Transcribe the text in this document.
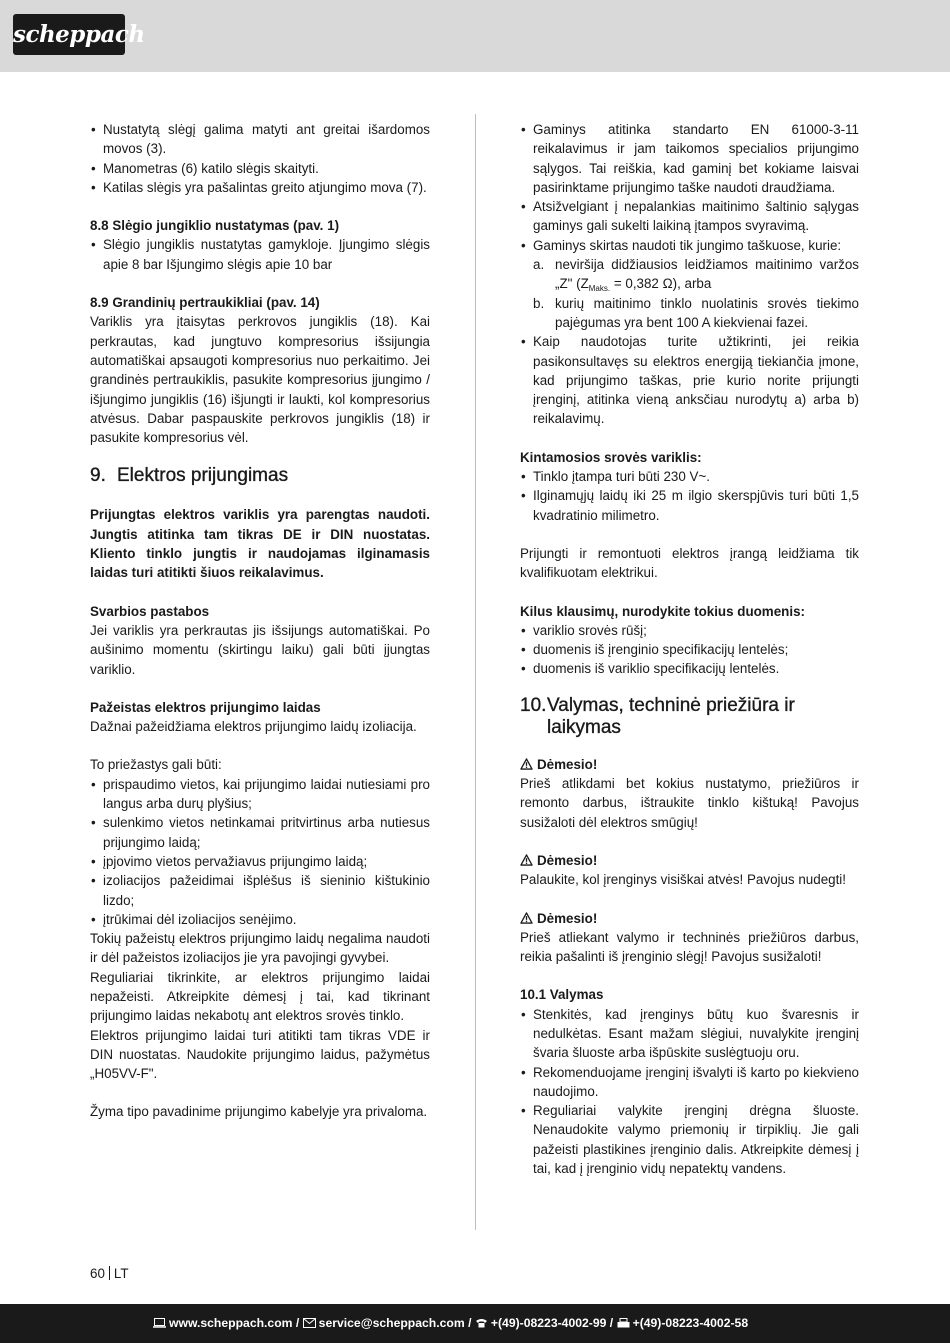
scheppach
• Nustatytą slėgį galima matyti ant greitai išardomos movos (3).
• Manometras (6) katilo slėgis skaityti.
• Katilas slėgis yra pašalintas greito atjungimo mova (7).

8.8 Slėgio jungiklio nustatymas (pav. 1)

• Slėgio jungiklis nustatytas gamykloje. Įjungimo slėgis apie 8 bar Išjungimo slėgis apie 10 bar

8.9 Grandinių pertraukikliai (pav. 14)

Variklis yra įtaisytas perkrovos jungiklis (18). Kai perkrautas, kad jungtuvo kompresorius išsijungia automatiškai apsaugoti kompresorius nuo perkaitimo. Jei grandinės pertraukiklis, pasukite kompresorius įjungimo / išjungimo jungiklis (16) išjungti ir laukti, kol kompresorius atvėsus. Dabar paspauskite perkrovos jungiklis (18) ir pasukite kompresorius vėl.

9. Elektros prijungimas

Prijungtas elektros variklis yra parengtas naudoti. Jungtis atitinka tam tikras DE ir DIN nuostatas. Kliento tinklo jungtis ir naudojamas ilginamasis laidas turi atitikti šiuos reikalavimus.

Svarbios pastabos

Jei variklis yra perkrautas jis išsijungs automatiškai. Po aušinimo momentu (skirtingu laiku) gali būti įjungtas variklio.

Pažeistas elektros prijungimo laidas

Dažnai pažeidžiama elektros prijungimo laidų izoliacija.

To priežastys gali būti:

• prispaudimo vietos, kai prijungimo laidai nutiesiami pro langus arba durų plyšius;
• sulenkimo vietos netinkamai pritvirtinus arba nutiesus prijungimo laidą;
• įpjovimo vietos pervažiavus prijungimo laidą;
• izoliacijos pažeidimai išplėšus iš sieninio kištukinio lizdo;
• įtrūkimai dėl izoliacijos senėjimo.

Tokių pažeistų elektros prijungimo laidų negalima naudoti ir dėl pažeistos izoliacijos jie yra pavojingi gyvybei.

Reguliariai tikrinkite, ar elektros prijungimo laidai nepažeisti. Atkreipkite dėmesį į tai, kad tikrinant prijungimo laidas nekabotų ant elektros srovės tinklo.

Elektros prijungimo laidai turi atitikti tam tikras VDE ir DIN nuostatas. Naudokite prijungimo laidus, pažymėtus „H05VV-F".

Žyma tipo pavadinime prijungimo kabelyje yra privaloma.

• Gaminys atitinka standarto EN 61000-3-11 reikalavimus ir jam taikomos specialios prijungimo sąlygos. Tai reiškia, kad gaminį bet kokiame laisvai pasirinktame prijungimo taške naudoti draudžiama.
• Atsižvelgiant į nepalankias maitinimo šaltinio sąlygas gaminys gali sukelti laikiną įtampos svyravimą.
• Gaminys skirtas naudoti tik jungimo taškuose, kurie:
a. neviršija didžiausios leidžiamos maitinimo varžos „Z" ($Z_{Maks.} = 0,382$ Ω), arba
b. kurių maitinimo tinklo nuolatinis srovės tiekimo pajėgumas yra bent 100 A kiekvienai fazei.
• Kaip naudotojas turite užtikrinti, jei reikia pasikonsultavęs su elektros energiją tiekiančia įmone, kad prijungimo taškas, prie kurio norite prijungti įrenginį, atitinka vieną anksčiau nurodytų a) arba b) reikalavimų.

Kintamosios srovės variklis:

• Tinklo įtampa turi būti 230 V~.
• Ilginamųjų laidų iki 25 m ilgio skerspjūvis turi būti 1,5 kvadratinio milimetro.

Prijungti ir remontuoti elektros įrangą leidžiama tik kvalifikuotam elektrikui.

Kilus klausimų, nurodykite tokius duomenis:

• variklio srovės rūšį;
• duomenis iš įrenginio specifikacijų lentelės;
• duomenis iš variklio specifikacijų lentelės.
10. Valymas, techninė priežiūra ir laikymas

Dėmesio!

Prieš atlikdami bet kokius nustatymo, priežiūros ir remonto darbus, ištraukite tinklo kištuką! Pavojus susižaloti dėl elektros smūgių!

Dėmesio!

Palaukite, kol įrenginys visiškai atvės! Pavojus nudegti!

Dėmesio!

Prieš atliekant valymo ir techninės priežiūros darbus, reikia pašalinti iš įrenginio slėgį! Pavojus susižaloti!

10.1 Valymas

• Stenkitės, kad įrenginys būtų kuo švaresnis ir nedulkėtas. Esant mažam slėgiui, nuvalykite įrenginį švaria šluoste arba išpūskite suslėgtuoju oru.
• Rekomenduojame įrenginį išvalyti iš karto po kiekvieno naudojimo.
• Reguliariai valykite įrenginį drėgna šluoste. Nenaudokite valymo priemonių ir tirpiklių. Jie gali pažeisti plastikines įrenginio dalis. Atkreipkite dėmesį į tai, kad į įrenginio vidų nepatektų vandens.
60 LT
www.scheppach.com / service@scheppach.com / +(49)-08223-4002-99 / +(49)-08223-4002-58
